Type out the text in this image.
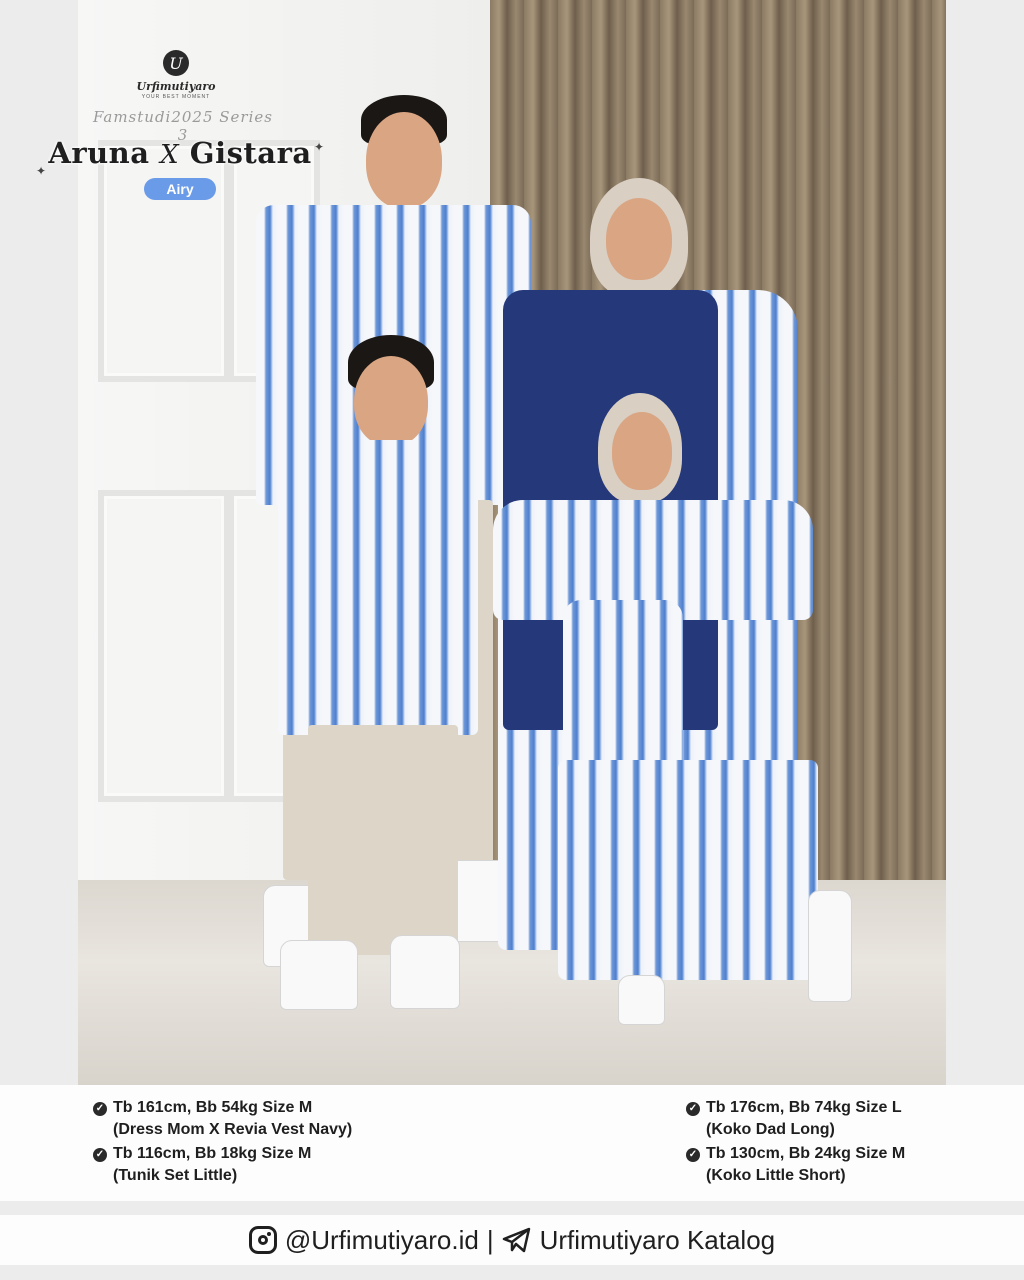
U
Urfimutiyaro
YOUR BEST MOMENT
Famstudi2025 Series 3
Aruna X Gistara
✦
✦
Airy
✓ Tb 161cm, Bb 54kg Size M
(Dress Mom X Revia Vest Navy)
✓ Tb 116cm, Bb 18kg Size M
(Tunik Set Little)
✓ Tb 176cm, Bb 74kg Size L
(Koko Dad Long)
✓ Tb 130cm, Bb 24kg Size M
(Koko Little Short)
@Urfimutiyaro.id | Urfimutiyaro Katalog
